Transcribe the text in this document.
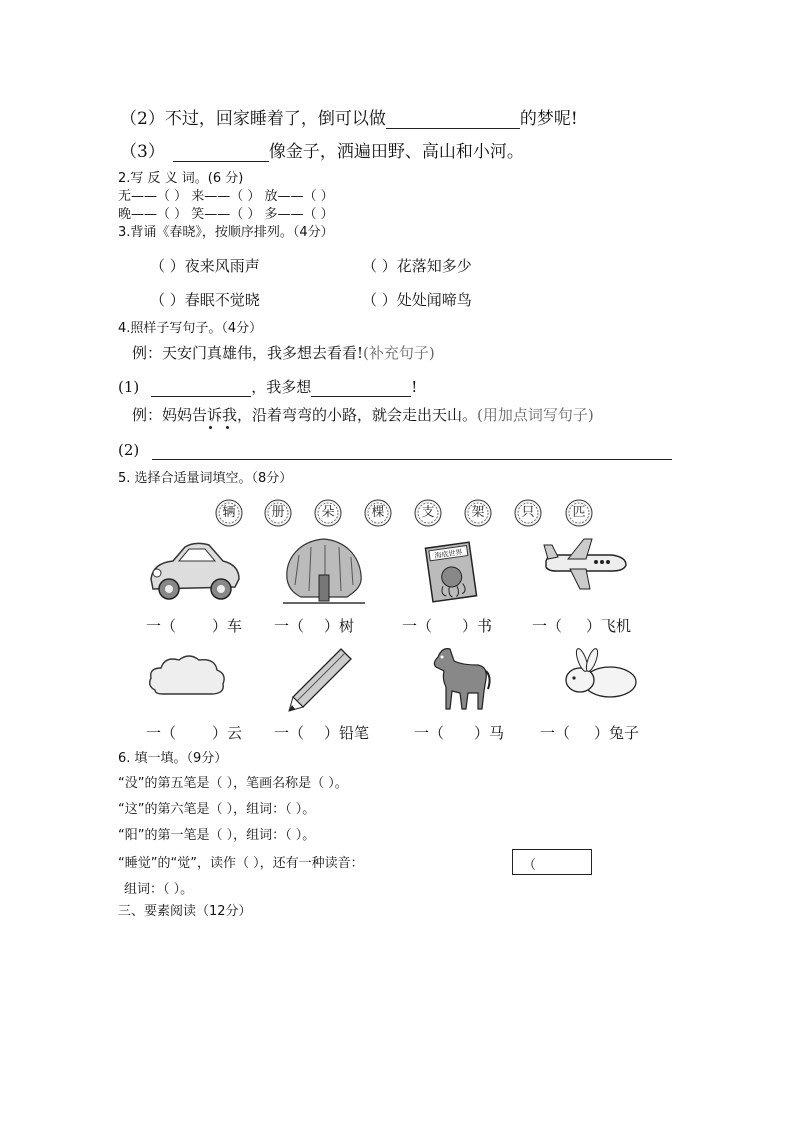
（2）不过，回家睡着了，倒可以做	的梦呢!
（3）	像金子，洒遍田野、高山和小河。
2.写 反 义 词。(6 分)
无——（ ） 来——（ ） 放——（ ）
晚——（ ） 笑——（ ） 多——（ ）
3.背诵《春晓》，按顺序排列。（4分）
（ ）夜来风雨声	（ ）花落知多少
（ ）春眠不觉晓	（ ）处处闻啼鸟
4.照样子写句子。（4分）
例：天安门真雄伟，我多想去看看!(补充句子)
(1)	，我多想	!
例：妈妈告诉我，沿着弯弯的小路，就会走出天山。(用加点词写句子)
(2)
5. 选择合适量词填空。（8分）
辆	册	朵	棵	支	架	只	匹
海底世界
一（ ）车 一（ ）树	一（ ）书	一（ ）飞机
一（ ）云 一（ ）铅笔	一（ ）马 一（ ）兔子
6. 填一填。（9分）
“没”的第五笔是（ ），笔画名称是（ ）。
“这”的第六笔是（ ），组词：（ ）。
“阳”的第一笔是（ ），组词：（ ）。
“睡觉”的“觉”，读作（ ），还有一种读音：	（
组词：（ ）。
三、要素阅读（12分）
